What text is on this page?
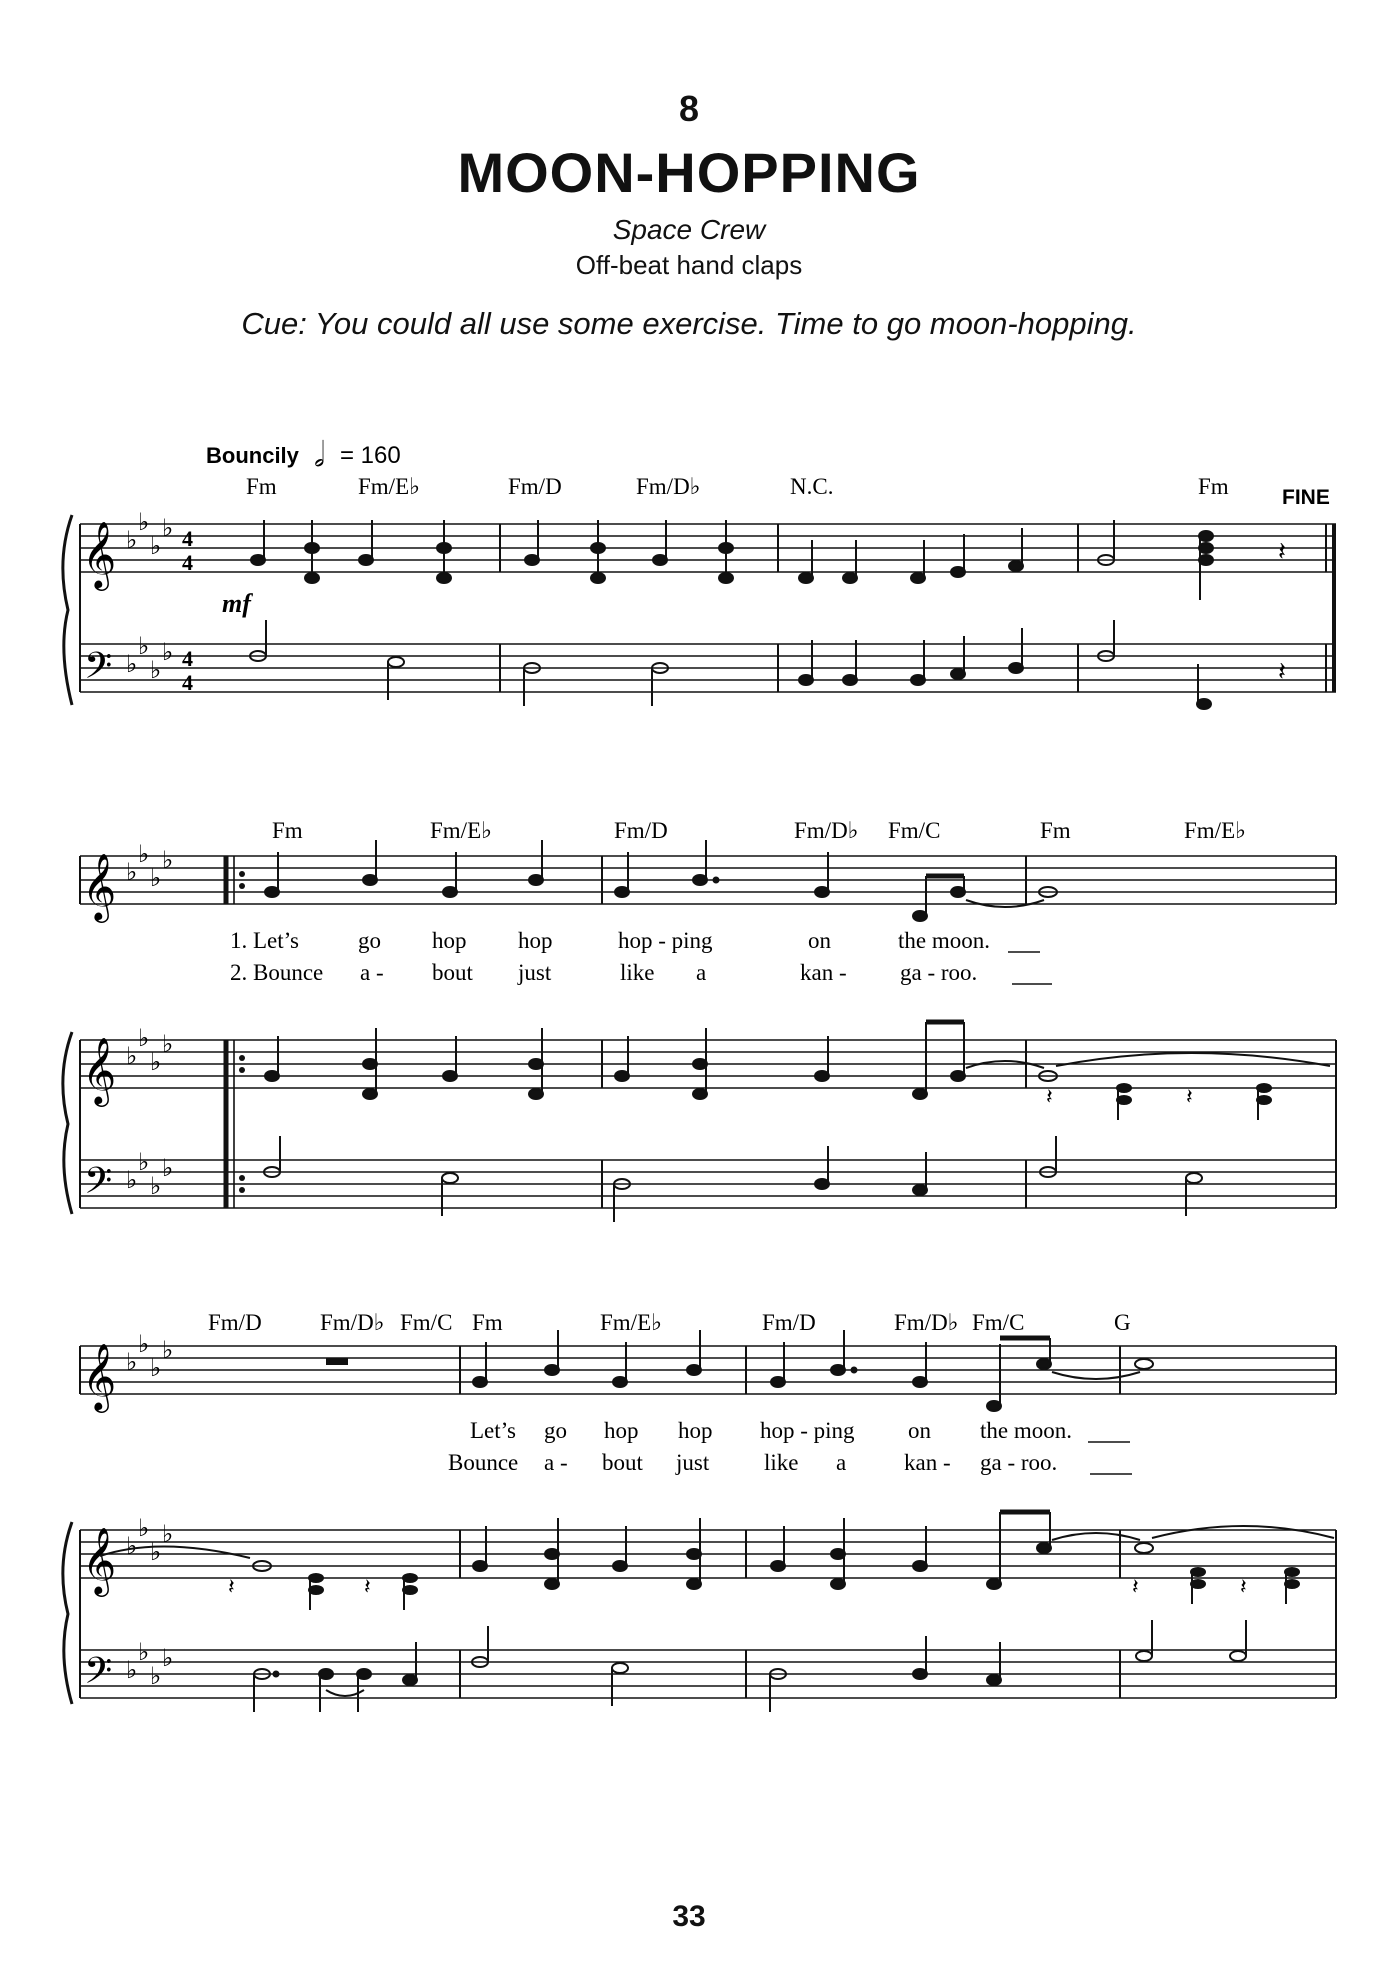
8
MOON-HOPPING
Space Crew
Off-beat hand claps
Cue: You could all use some exercise. Time to go moon-hopping.
Bouncily 𝅗𝅥 = 160
Fm	Fm/E♭	Fm/D	Fm/D♭	N.C.	Fm	FINE
𝄞
𝄢
♭
♭
♭
♭
♭
♭
♭
♭
4
4
4
4
mf
𝄽
𝄽
Fm	Fm/E♭	Fm/D	Fm/D♭ Fm/C	Fm	Fm/E♭
𝄞
𝄞
𝄢
♭
♭
♭
♭
♭
♭
♭
♭
♭
♭
♭
♭
1. Let’s	go hop hop	hop - ping	on	the moon.
2. Bounce a - bout just	like a	kan - ga - roo.
𝄽	𝄽
Fm/D	Fm/D♭ Fm/C Fm	Fm/E♭	Fm/D	Fm/D♭ Fm/C	G
𝄞
𝄞
𝄢
♭
♭
♭
♭
♭
♭
♭
♭
♭
♭
♭
♭
Let’s go hop hop hop - ping on the moon.
Bounce a - bout just like a	kan - ga - roo.
𝄽	𝄽	𝄽	𝄽
33
